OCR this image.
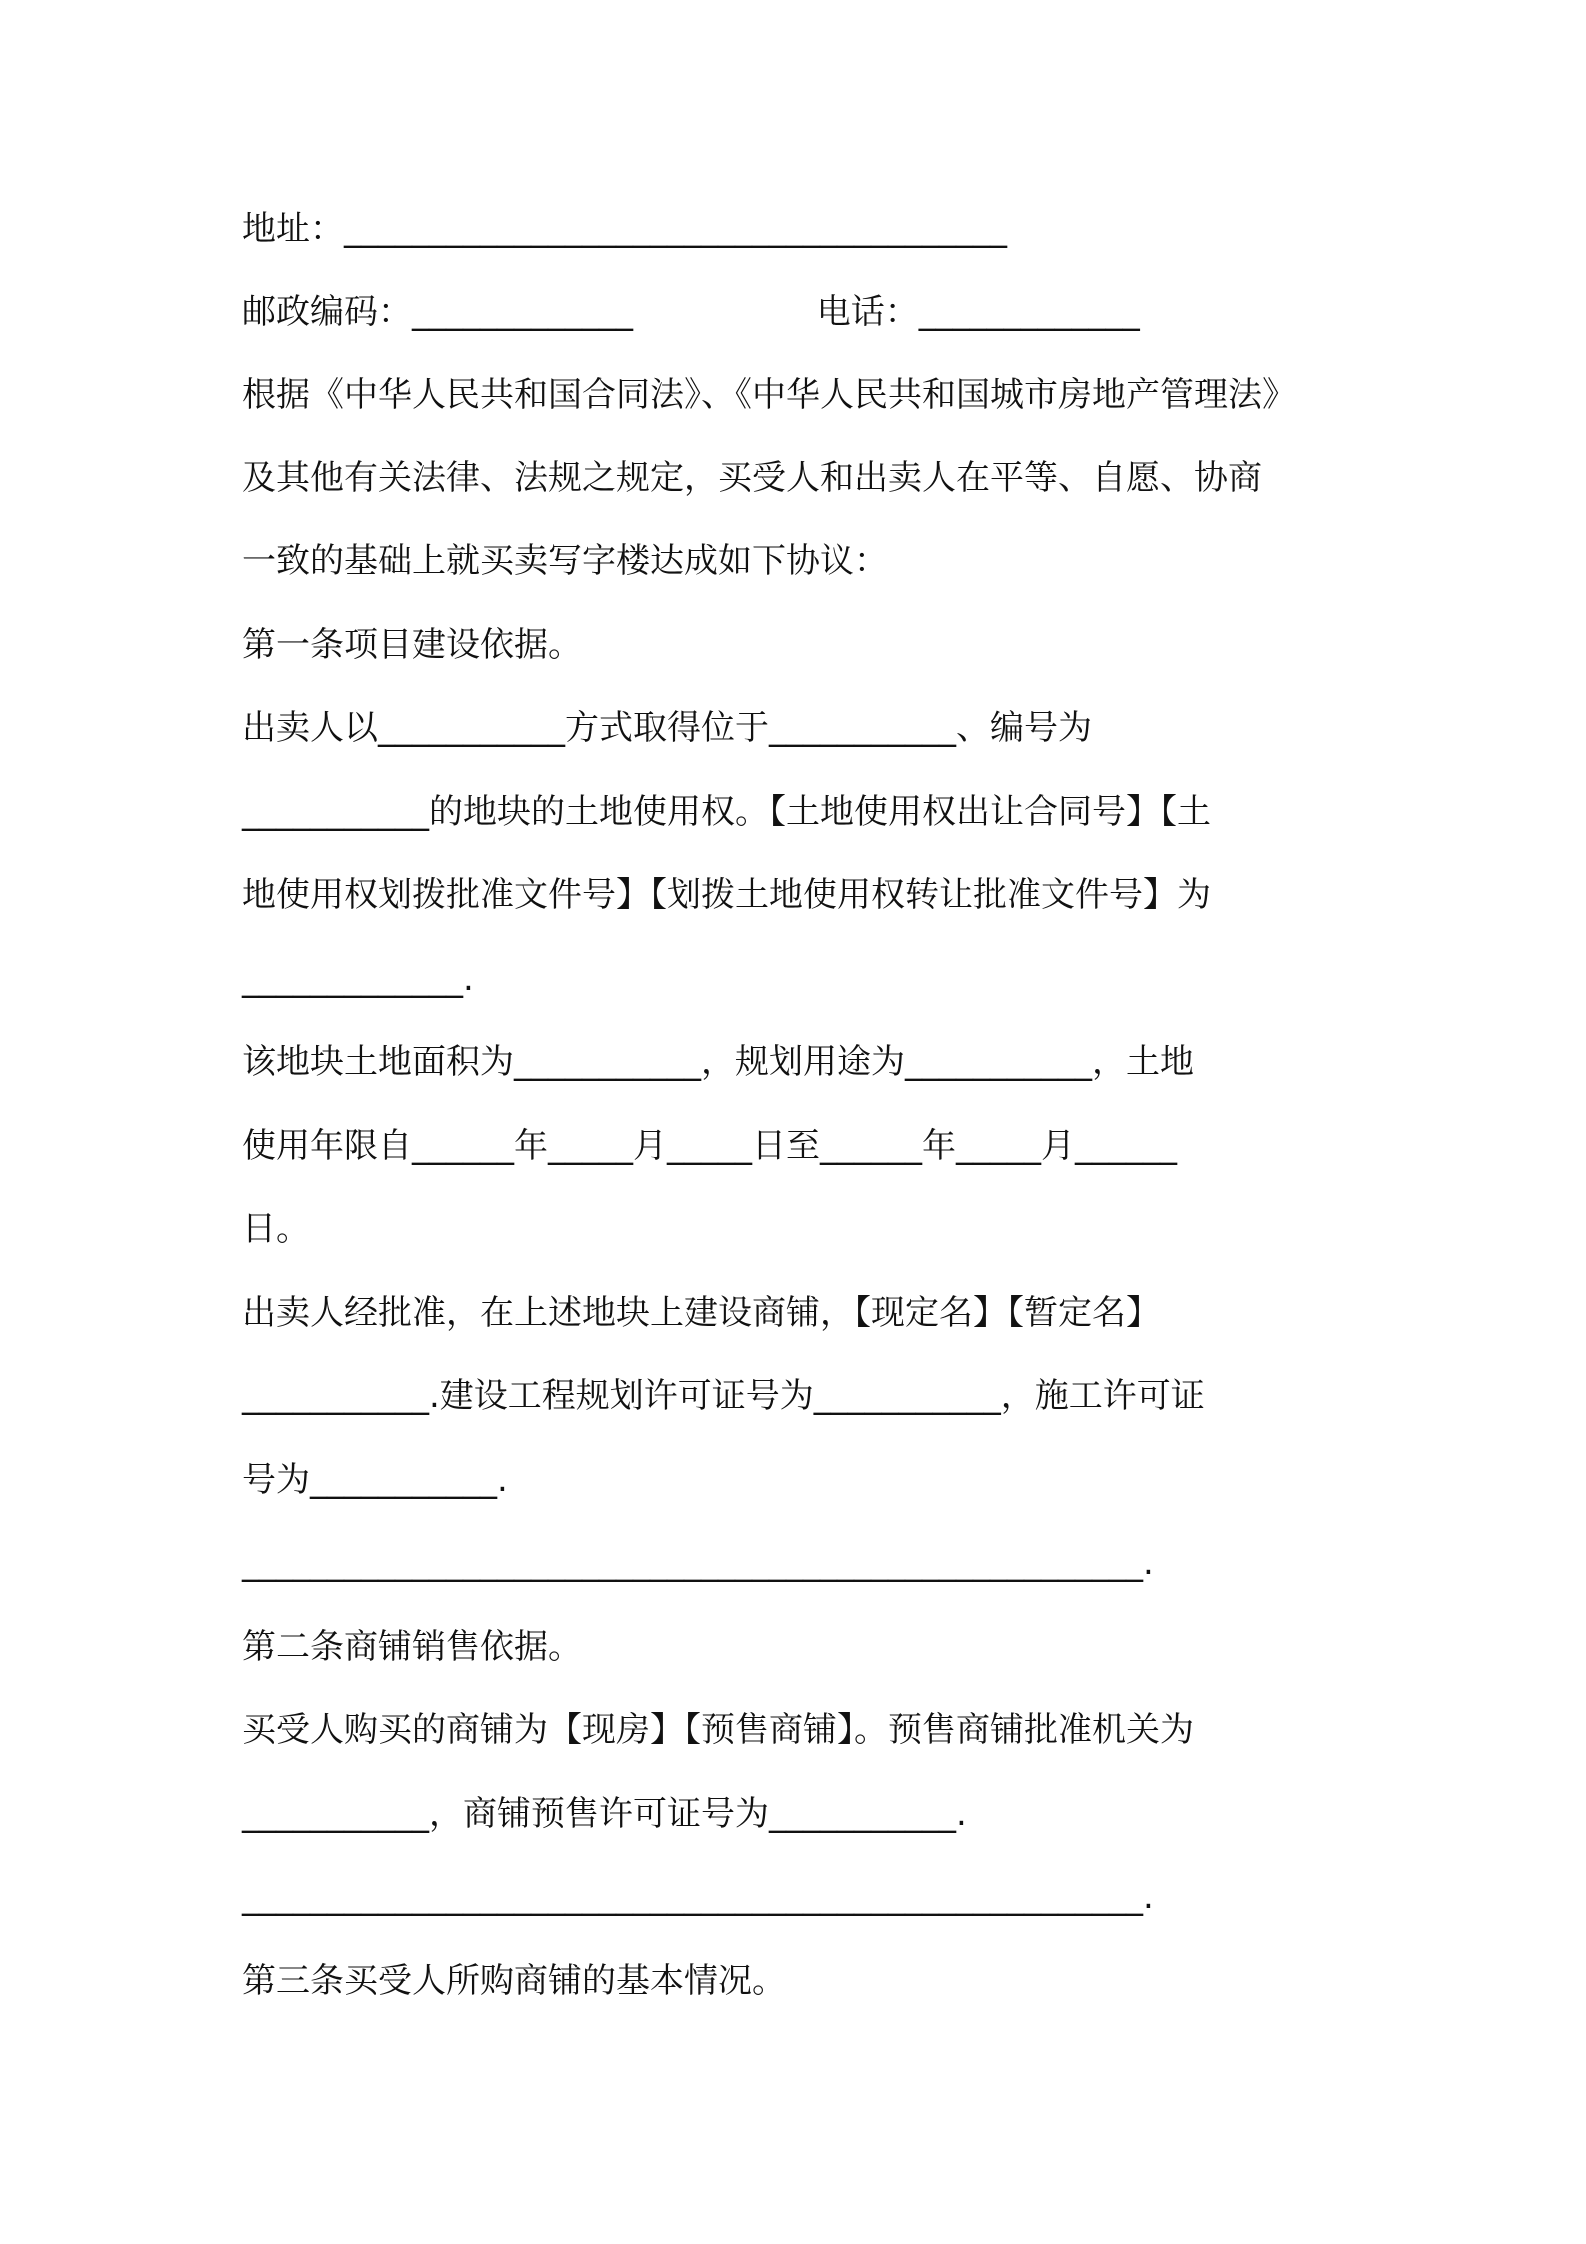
地址：_______________________________________
邮政编码：_____________                 电话：_____________
根据《中华人民共和国合同法》、《中华人民共和国城市房地产管理法》
及其他有关法律、法规之规定，买受人和出卖人在平等、自愿、协商
一致的基础上就买卖写字楼达成如下协议：
第一条项目建设依据。
出卖人以___________方式取得位于___________、编号为
___________的地块的土地使用权。【土地使用权出让合同号】【土
地使用权划拨批准文件号】【划拨土地使用权转让批准文件号】为
_____________.
该地块土地面积为___________，规划用途为___________，土地
使用年限自______年_____月_____日至______年_____月______
日。
出卖人经批准，在上述地块上建设商铺，【现定名】【暂定名】
___________.建设工程规划许可证号为___________，施工许可证
号为___________.
_____________________________________________________.
第二条商铺销售依据。
买受人购买的商铺为【现房】【预售商铺】。预售商铺批准机关为
___________，商铺预售许可证号为___________.
_____________________________________________________.
第三条买受人所购商铺的基本情况。
